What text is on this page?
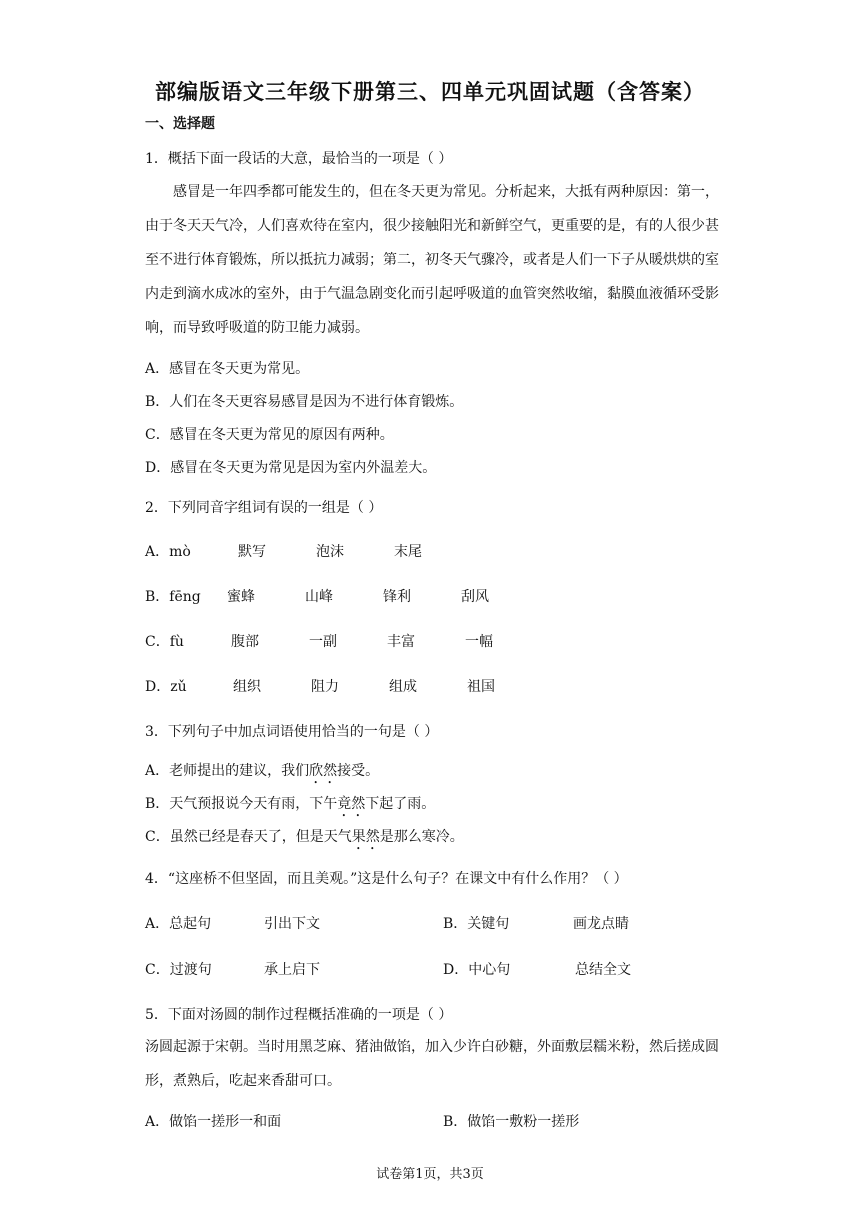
部编版语文三年级下册第三、四单元巩固试题（含答案）
一、选择题
1．概括下面一段话的大意，最恰当的一项是（ ）
感冒是一年四季都可能发生的，但在冬天更为常见。分析起来，大抵有两种原因：第一，由于冬天天气冷，人们喜欢待在室内，很少接触阳光和新鲜空气，更重要的是，有的人很少甚至不进行体育锻炼，所以抵抗力减弱；第二，初冬天气骤冷，或者是人们一下子从暖烘烘的室内走到滴水成冰的室外，由于气温急剧变化而引起呼吸道的血管突然收缩，黏膜血液循环受影响，而导致呼吸道的防卫能力减弱。
A．感冒在冬天更为常见。
B．人们在冬天更容易感冒是因为不进行体育锻炼。
C．感冒在冬天更为常见的原因有两种。
D．感冒在冬天更为常见是因为室内外温差大。
2．下列同音字组词有误的一组是（ ）
A．mò	默写	泡沫	末尾
B．fēng 蜜蜂	山峰	锋利	刮风
C．fù	腹部	一副	丰富	一幅
D．zǔ	组织	阻力	组成	祖国
3．下列句子中加点词语使用恰当的一句是（ ）
A．老师提出的建议，我们欣然接受。
B．天气预报说今天有雨，下午竟然下起了雨。
C．虽然已经是春天了，但是天气果然是那么寒冷。
4．“这座桥不但坚固，而且美观。”这是什么句子？在课文中有什么作用？（ ）
A．总起句	引出下文	B．关键句	画龙点睛
C．过渡句	承上启下	D．中心句	总结全文
5．下面对汤圆的制作过程概括准确的一项是（ ）
汤圆起源于宋朝。当时用黑芝麻、猪油做馅，加入少许白砂糖，外面敷层糯米粉，然后搓成圆形，煮熟后，吃起来香甜可口。
A．做馅一搓形一和面	B．做馅一敷粉一搓形
试卷第1页，共3页
